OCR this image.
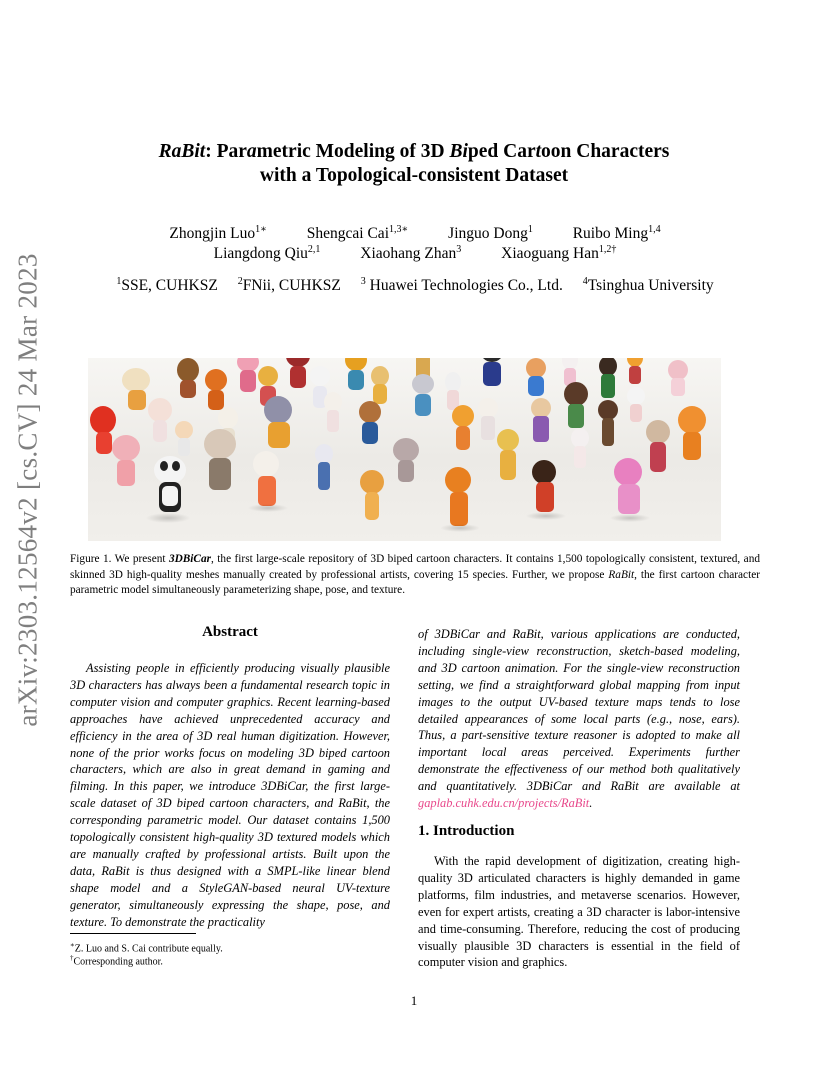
arXiv:2303.12564v2 [cs.CV] 24 Mar 2023
RaBit: Parametric Modeling of 3D Biped Cartoon Characters
with a Topological-consistent Dataset
Zhongjin Luo$^{1∗}$	Shengcai Cai$^{1,3∗}$	Jinguo Dong$^1$	Ruibo Ming$^{1,4}$
Liangdong Qiu$^{2,1}$	Xiaohang Zhan$^3$	Xiaoguang Han$^{1,2\dagger}$
$^1$SSE, CUHKSZ $^2$FNii, CUHKSZ $^3$ Huawei Technologies Co., Ltd. $^4$Tsinghua University
Figure 1. We present 3DBiCar, the first large-scale repository of 3D biped cartoon characters. It contains 1,500 topologically consistent, textured, and skinned 3D high-quality meshes manually created by professional artists, covering 15 species. Further, we propose RaBit, the first cartoon character parametric model simultaneously parameterizing shape, pose, and texture.
Abstract
Assisting people in efficiently producing visually plausible 3D characters has always been a fundamental research topic in computer vision and computer graphics. Recent learning-based approaches have achieved unprecedented accuracy and efficiency in the area of 3D real human digitization. However, none of the prior works focus on modeling 3D biped cartoon characters, which are also in great demand in gaming and filming. In this paper, we introduce 3DBiCar, the first large-scale dataset of 3D biped cartoon characters, and RaBit, the corresponding parametric model. Our dataset contains 1,500 topologically consistent high-quality 3D textured models which are manually crafted by professional artists. Built upon the data, RaBit is thus designed with a SMPL-like linear blend shape model and a StyleGAN-based neural UV-texture generator, simultaneously expressing the shape, pose, and texture. To demonstrate the practicality
of 3DBiCar and RaBit, various applications are conducted, including single-view reconstruction, sketch-based modeling, and 3D cartoon animation. For the single-view reconstruction setting, we find a straightforward global mapping from input images to the output UV-based texture maps tends to lose detailed appearances of some local parts (e.g., nose, ears). Thus, a part-sensitive texture reasoner is adopted to make all important local areas perceived. Experiments further demonstrate the effectiveness of our method both qualitatively and quantitatively. 3DBiCar and RaBit are available at gaplab.cuhk.edu.cn/projects/RaBit.
1. Introduction
With the rapid development of digitization, creating high-quality 3D articulated characters is highly demanded in game platforms, film industries, and metaverse scenarios. However, even for expert artists, creating a 3D character is labor-intensive and time-consuming. Therefore, reducing the cost of producing visually plausible 3D characters is essential in the field of computer vision and graphics.
∗Z. Luo and S. Cai contribute equally.
†Corresponding author.
1
